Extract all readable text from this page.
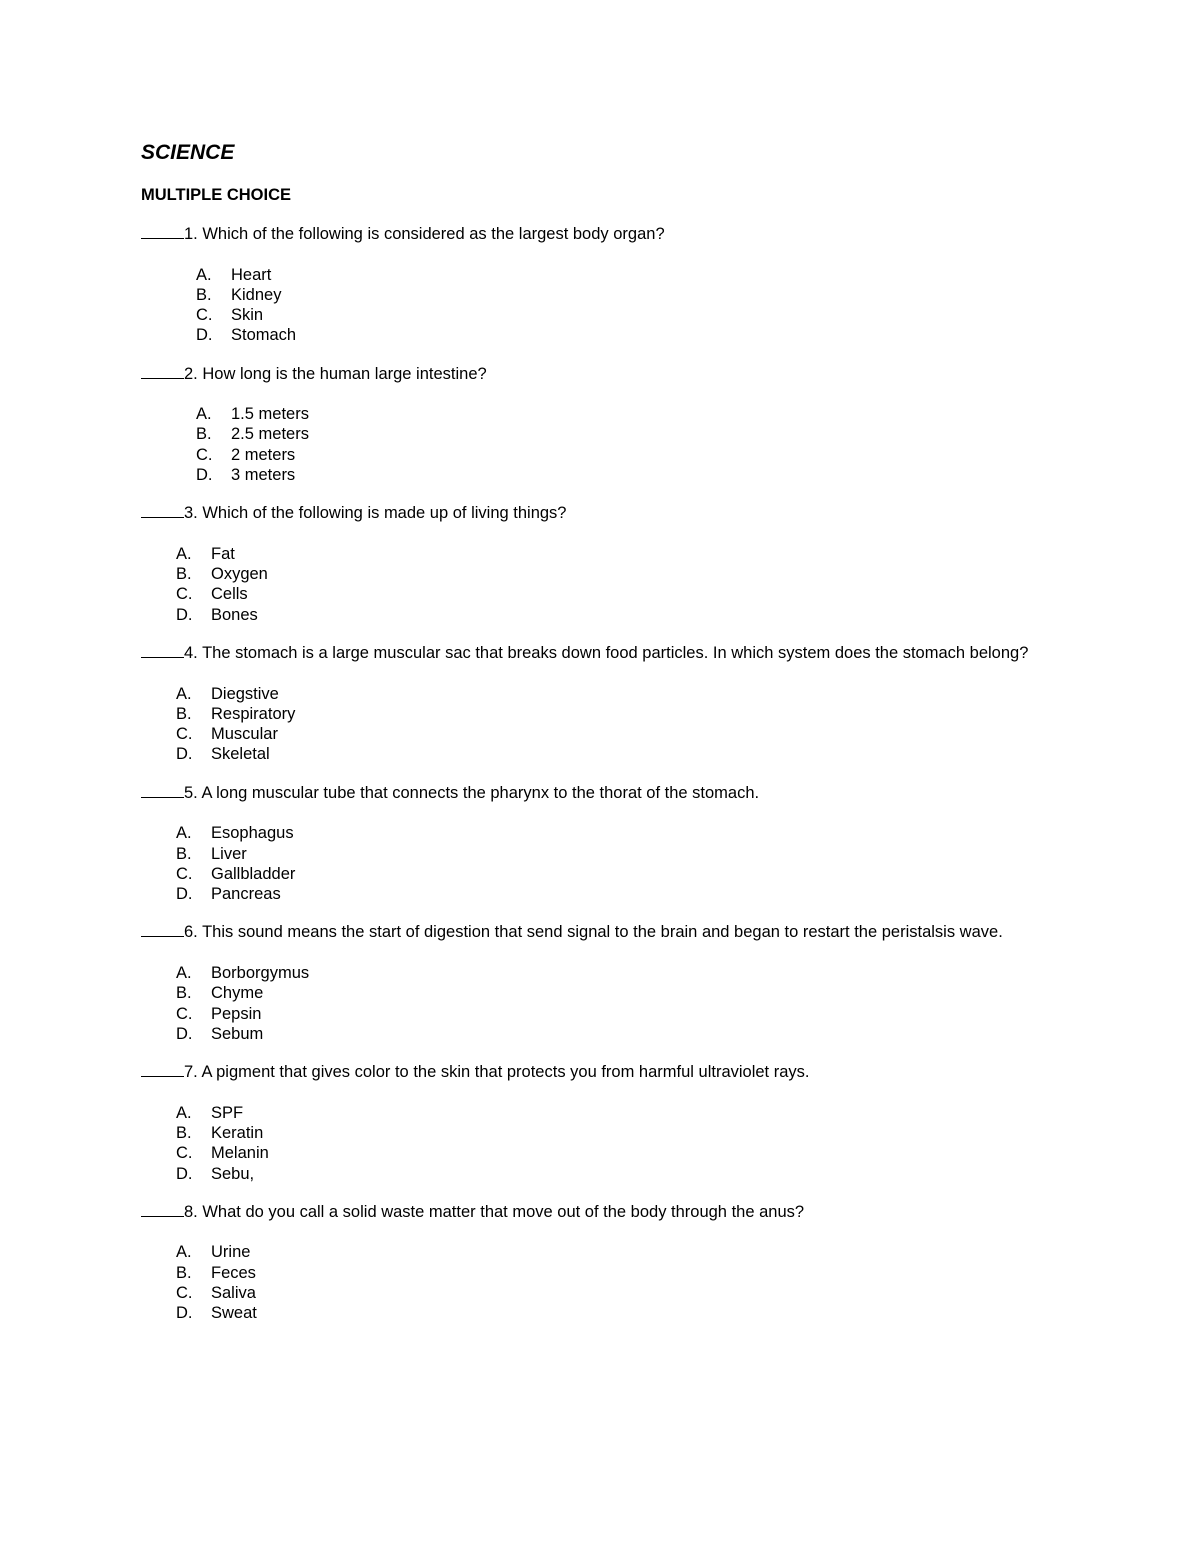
SCIENCE
MULTIPLE CHOICE
1. Which of the following is considered as the largest body organ?
A. Heart
B. Kidney
C. Skin
D. Stomach
2. How long is the human large intestine?
A. 1.5 meters
B. 2.5 meters
C. 2 meters
D. 3 meters
3. Which of the following is made up of living things?
A. Fat
B. Oxygen
C. Cells
D. Bones
4. The stomach is a large muscular sac that breaks down food particles. In which system does the stomach belong?
A. Diegstive
B. Respiratory
C. Muscular
D. Skeletal
5. A long muscular tube that connects the pharynx to the thorat of the stomach.
A. Esophagus
B. Liver
C. Gallbladder
D. Pancreas
6. This sound means the start of digestion that send signal to the brain and began to restart the peristalsis wave.
A. Borborgymus
B. Chyme
C. Pepsin
D. Sebum
7. A pigment that gives color to the skin that protects you from harmful ultraviolet rays.
A. SPF
B. Keratin
C. Melanin
D. Sebu,
8. What do you call a solid waste matter that move out of the body through the anus?
A. Urine
B. Feces
C. Saliva
D. Sweat
